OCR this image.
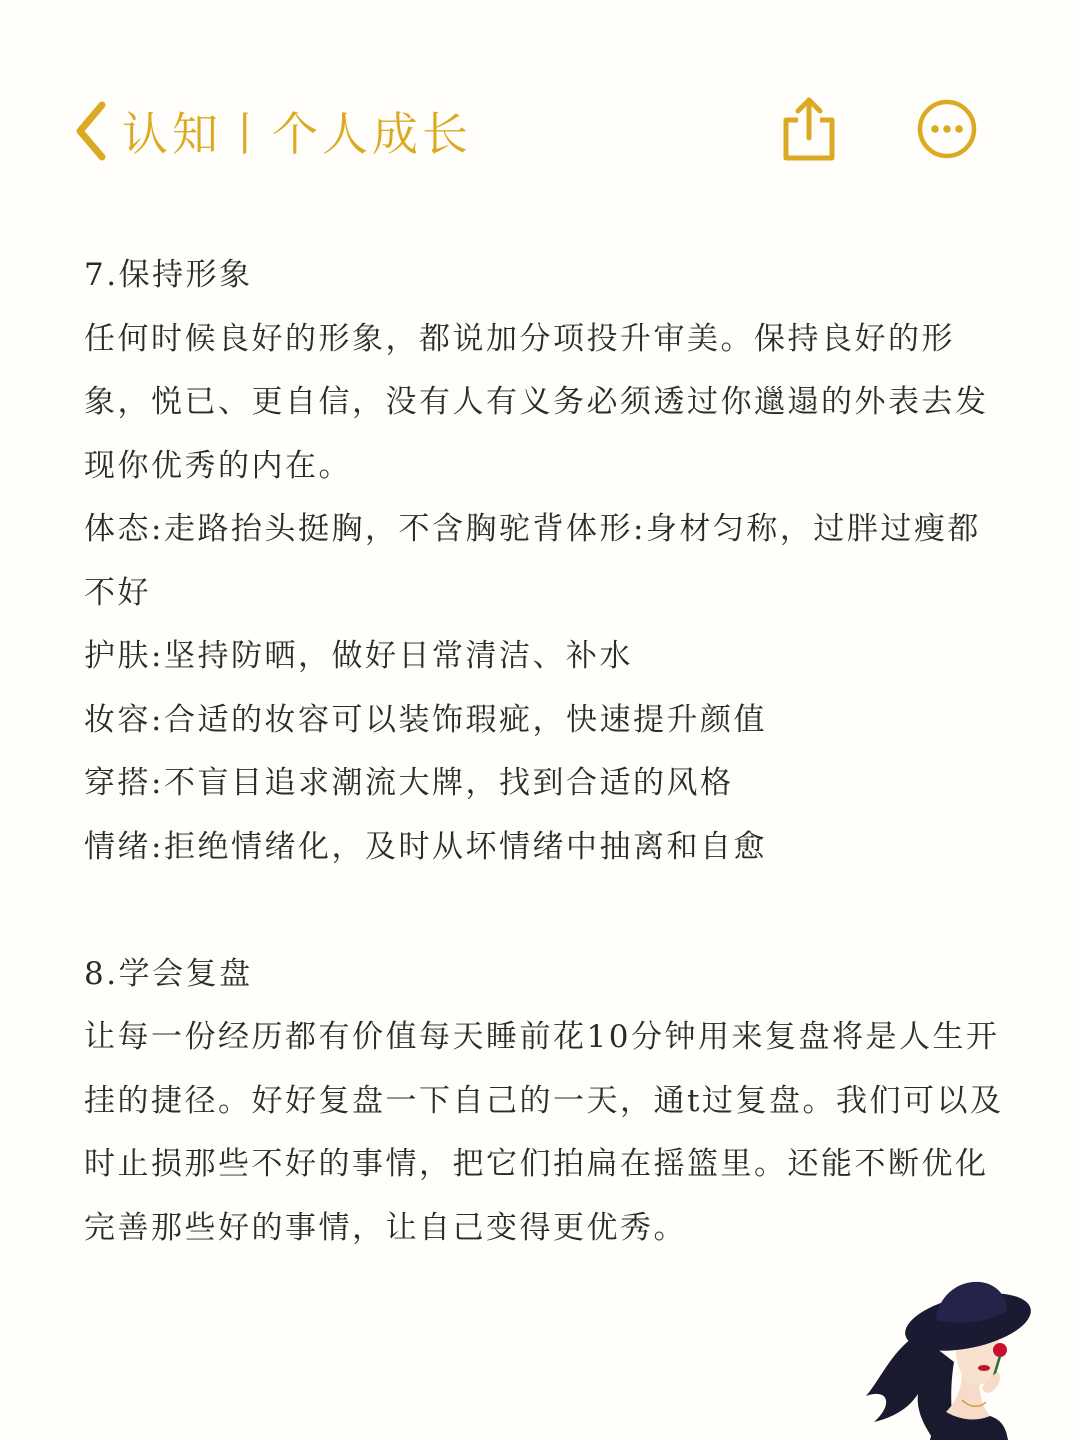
认知丨个人成长

7.保持形象

任何时候良好的形象，都说加分项投升审美。保持良好的形象，悦已、更自信，没有人有义务必须透过你邋遢的外表去发现你优秀的内在。

体态:走路抬头挺胸，不含胸驼背体形:身材匀称，过胖过瘦都不好

护肤:坚持防晒，做好日常清洁、补水

妆容:合适的妆容可以装饰瑕疵，快速提升颜值

穿搭:不盲目追求潮流大牌，找到合适的风格

情绪:拒绝情绪化，及时从坏情绪中抽离和自愈

8.学会复盘

让每一份经历都有价值每天睡前花10分钟用来复盘将是人生开挂的捷径。好好复盘一下自己的一天，通t过复盘。我们可以及时止损那些不好的事情，把它们拍扁在摇篮里。还能不断优化完善那些好的事情，让自己变得更优秀。
